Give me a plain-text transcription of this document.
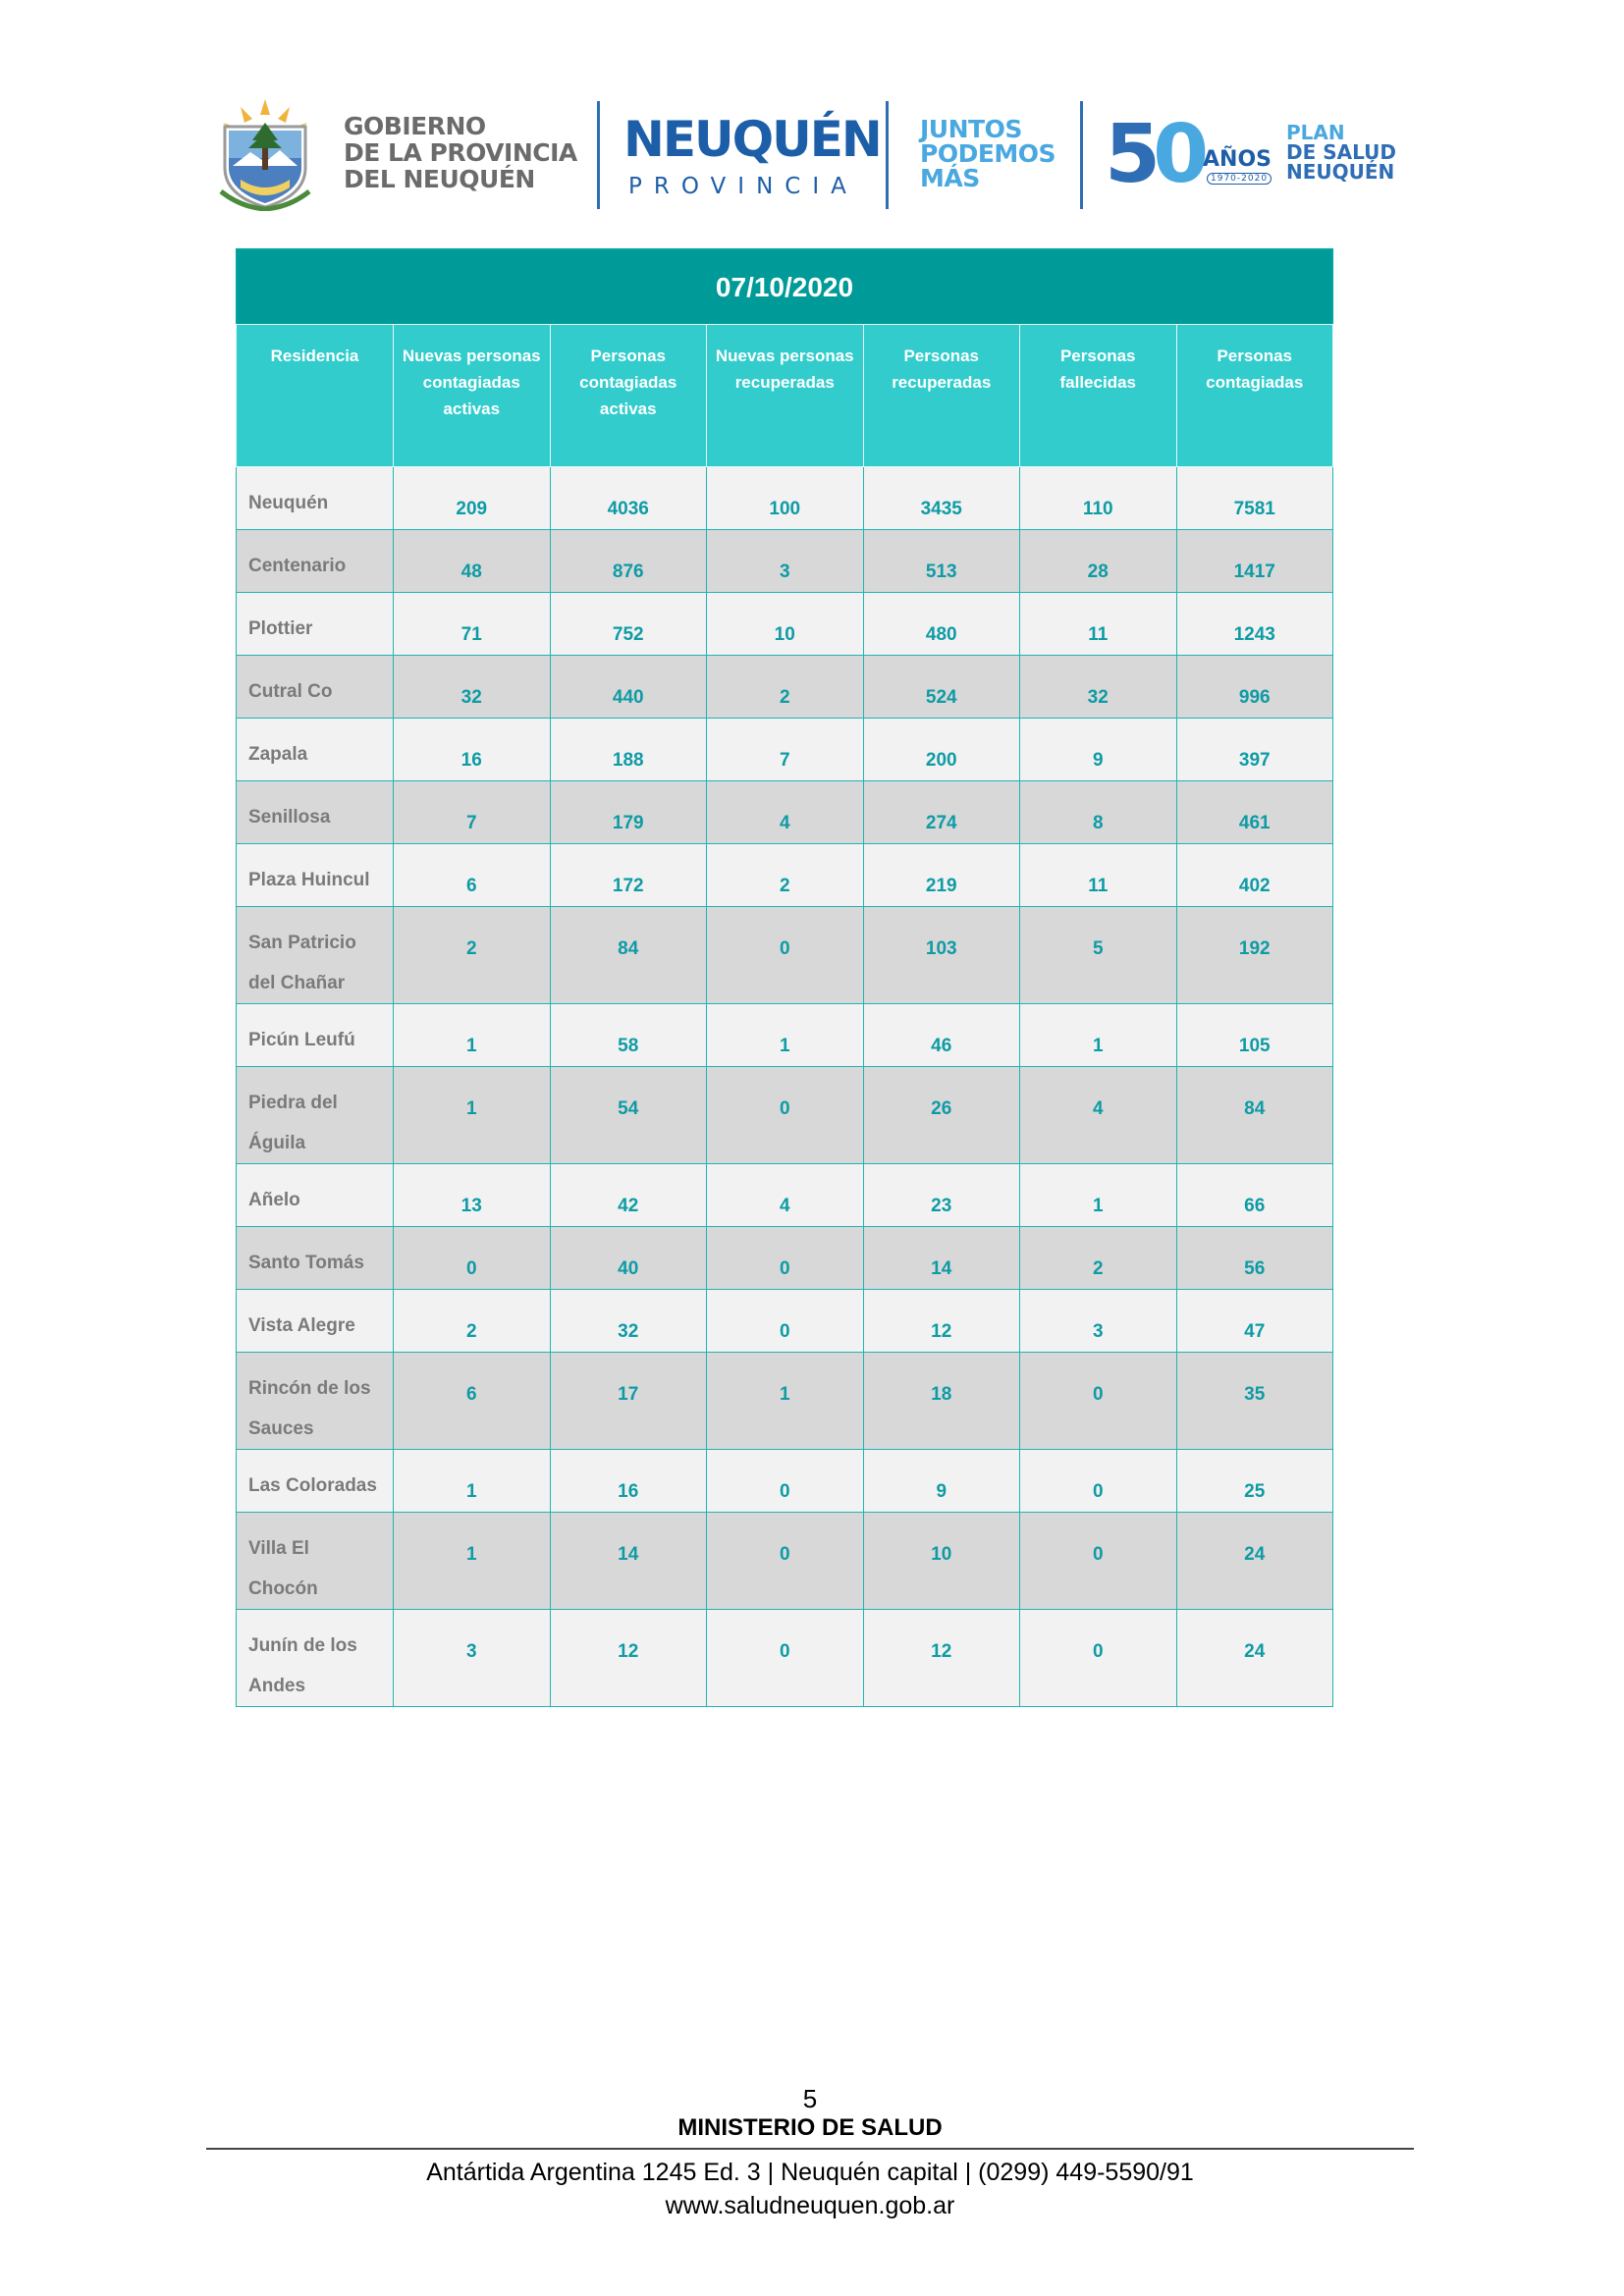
GOBIERNO
DE LA PROVINCIA
DEL NEUQUÉN
NEUQUÉN
PROVINCIA
JUNTOS
PODEMOS
MÁS	50 AÑOS
1970-2020
PLAN
DE SALUD
NEUQUÉN
07/10/2020
Residencia	Nuevas personas contagiadas activas	Personas contagiadas activas	Nuevas personas recuperadas	Personas recuperadas	Personas fallecidas	Personas contagiadas
Neuquén	209	4036	100	3435	110	7581
Centenario	48	876	3	513	28	1417
Plottier	71	752	10	480	11	1243
Cutral Co	32	440	2	524	32	996
Zapala	16	188	7	200	9	397
Senillosa	7	179	4	274	8	461
Plaza Huincul	6	172	2	219	11	402
San Patricio del Chañar	2	84	0	103	5	192
Picún Leufú	1	58	1	46	1	105
Piedra del Águila	1	54	0	26	4	84
Añelo	13	42	4	23	1	66
Santo Tomás	0	40	0	14	2	56
Vista Alegre	2	32	0	12	3	47
Rincón de los Sauces	6	17	1	18	0	35
Las Coloradas	1	16	0	9	0	25
Villa El Chocón	1	14	0	10	0	24
Junín de los Andes	3	12	0	12	0	24
5
MINISTERIO DE SALUD
Antártida Argentina 1245 Ed. 3 | Neuquén capital | (0299) 449-5590/91
www.saludneuquen.gob.ar
